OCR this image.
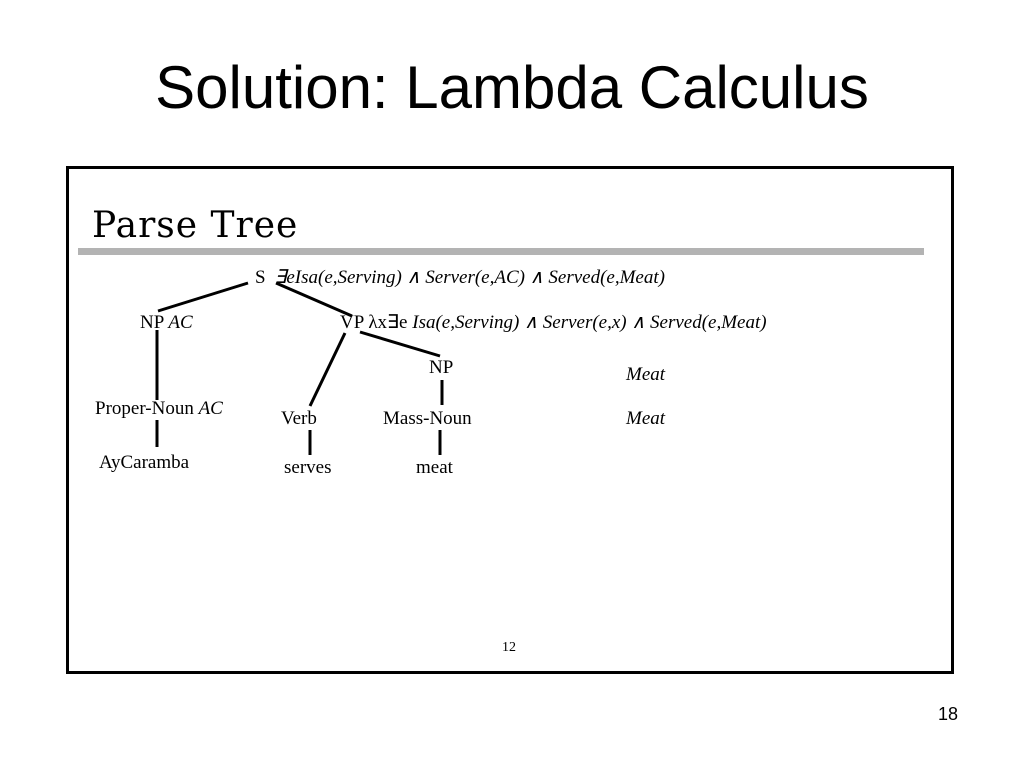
Solution: Lambda Calculus
Parse Tree
S ∃eIsa(e,Serving) ∧ Server(e,AC) ∧ Served(e,Meat)
NP AC	VP λx∃e Isa(e,Serving) ∧ Server(e,x) ∧ Served(e,Meat)
NP	Meat
Proper-Noun AC	Verb	Mass-Noun	Meat
AyCaramba	serves	meat
12
18
